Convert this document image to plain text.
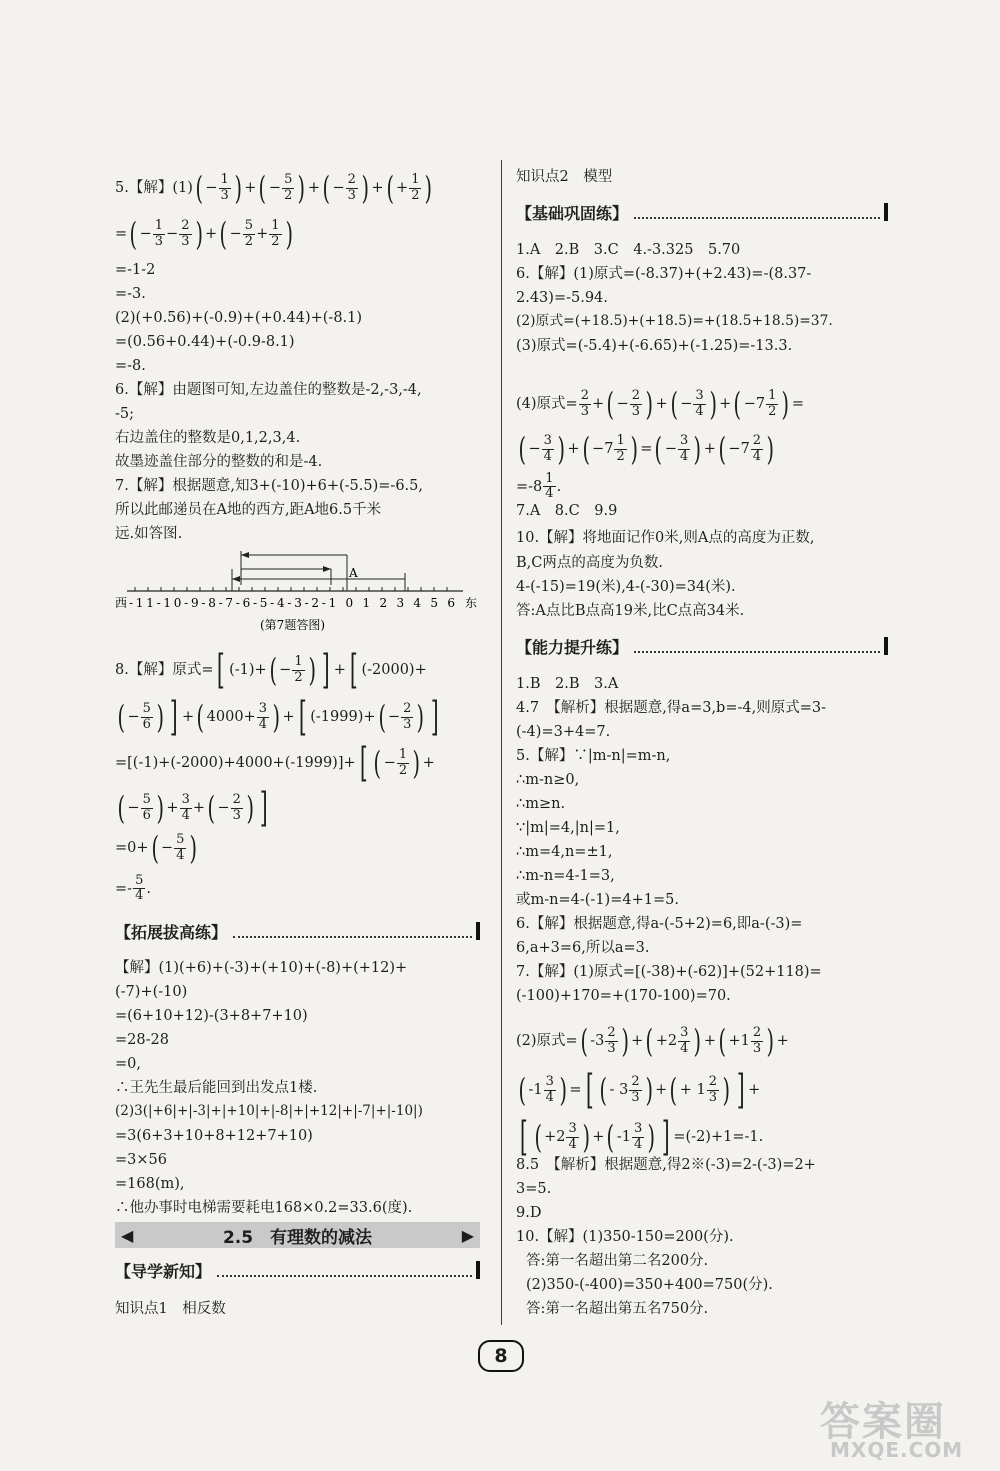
5.【解】$(1)( - \frac{1}{3}$ ) +( − $\frac{5}{2}$ ) +( − $\frac{2}{3}$ ) +( + $\frac{1}{2}$ )
=( − $\frac{1}{3} - \frac{2}{3}$ ) +( − $\frac{5}{2} + \frac{1}{2}$ )
=-1-2
=-3.
(2)(+0.56)+(-0.9)+(+0.44)+(-8.1)
=(0.56+0.44)+(-0.9-8.1)
=-8.
6.【解】由题图可知,左边盖住的整数是-2,-3,-4,
-5;
右边盖住的整数是0,1,2,3,4.
故墨迹盖住部分的整数的和是-4.
7.【解】根据题意,知3+(-10)+6+(-5.5)=-6.5,
所以此邮递员在A地的西方,距A地6.5千米
远.如答图.
A
西 -11-10-9-8-7-6-5-4-3-2-1 0 1 2 3 4 5 6 东
(第7题答图)
8.【解】原式=[ $(-1)+( - \frac{1}{2}$ ) ] +[ (-2000)+
( − $\frac{5}{6}$ ) ] +( $4000+ \frac{3}{4}$ ) +[ $(-1999)+( - \frac{2}{3}$ ) ]
=[(-1)+(-2000)+4000+(-1999)]+[ ( − $\frac{1}{2}$ ) +
( − $\frac{5}{6}$ ) + $\frac{3}{4}$ +( − $\frac{2}{3}$ ) ]
$=0+( - \frac{5}{4}$ )
=- $\frac{5}{4}$ .
【拓展拔高练】
【解】(1)(+6)+(-3)+(+10)+(-8)+(+12)+
(-7)+(-10)
=(6+10+12)-(3+8+7+10)
=28-28
=0,
∴王先生最后能回到出发点1楼.
(2)3(|+6|+|-3|+|+10|+|-8|+|+12|+|-7|+|-10|)
=3(6+3+10+8+12+7+10)
=3×56
=168(m),
∴他办事时电梯需要耗电168×0.2=33.6(度).
【导学新知】
知识点1　相反数
◀	2.5　有理数的减法	▶
知识点2　模型
【基础巩固练】
1.A　2.B　3.C　4.-3.325　5.70
6.【解】(1)原式=(-8.37)+(+2.43)=-(8.37-
2.43)=-5.94.
(2)原式=(+18.5)+(+18.5)=+(18.5+18.5)=37.
(3)原式=(-5.4)+(-6.65)+(-1.25)=-13.3.
(4)原式= $\frac{2}{3}$ +( − $\frac{2}{3}$ ) +( − $\frac{3}{4}$ ) +( $-7 \frac{1}{2}$ ) =
( − $\frac{3}{4}$ ) +( $-7 \frac{1}{2}$ ) =( − $\frac{3}{4}$ ) +( $-7 \frac{2}{4}$ )
$=-8 \frac{1}{4}$ .
7.A　8.C　9.9
10.【解】将地面记作0米,则A点的高度为正数,
B,C两点的高度为负数.
4-(-15)=19(米),4-(-30)=34(米).
答:A点比B点高19米,比C点高34米.
【能力提升练】
1.B　2.B　3.A
4.7　【解析】根据题意,得a=3,b=-4,则原式=3-
(-4)=3+4=7.
5.【解】∵|m-n|=m-n,
∴m-n≥0,
∴m≥n.
∵|m|=4,|n|=1,
∴m=4,n=±1,
∴m-n=4-1=3,
或m-n=4-(-1)=4+1=5.
6.【解】根据题意,得a-(-5+2)=6,即a-(-3)=
6,a+3=6,所以a=3.
7.【解】(1)原式=[(-38)+(-62)]+(52+118)=
(-100)+170=+(170-100)=70.
(2)原式=( $-3 \frac{2}{3}$ ) +( $+2 \frac{3}{4}$ ) +( $+1 \frac{2}{3}$ ) +
( $-1 \frac{3}{4}$ ) =[ ( - $3 \frac{2}{3}$ ) +( + $1 \frac{2}{3}$ ) ] +
[ ( $+2 \frac{3}{4}$ ) +( $-1 \frac{3}{4}$ ) ] =(-2)+1=-1.
8.5　【解析】根据题意,得2※(-3)=2-(-3)=2+
3=5.
9.D
10.【解】(1)350-150=200(分).
答:第一名超出第二名200分.
(2)350-(-400)=350+400=750(分).
答:第一名超出第五名750分.
8
答案圈
MXQE.COM
